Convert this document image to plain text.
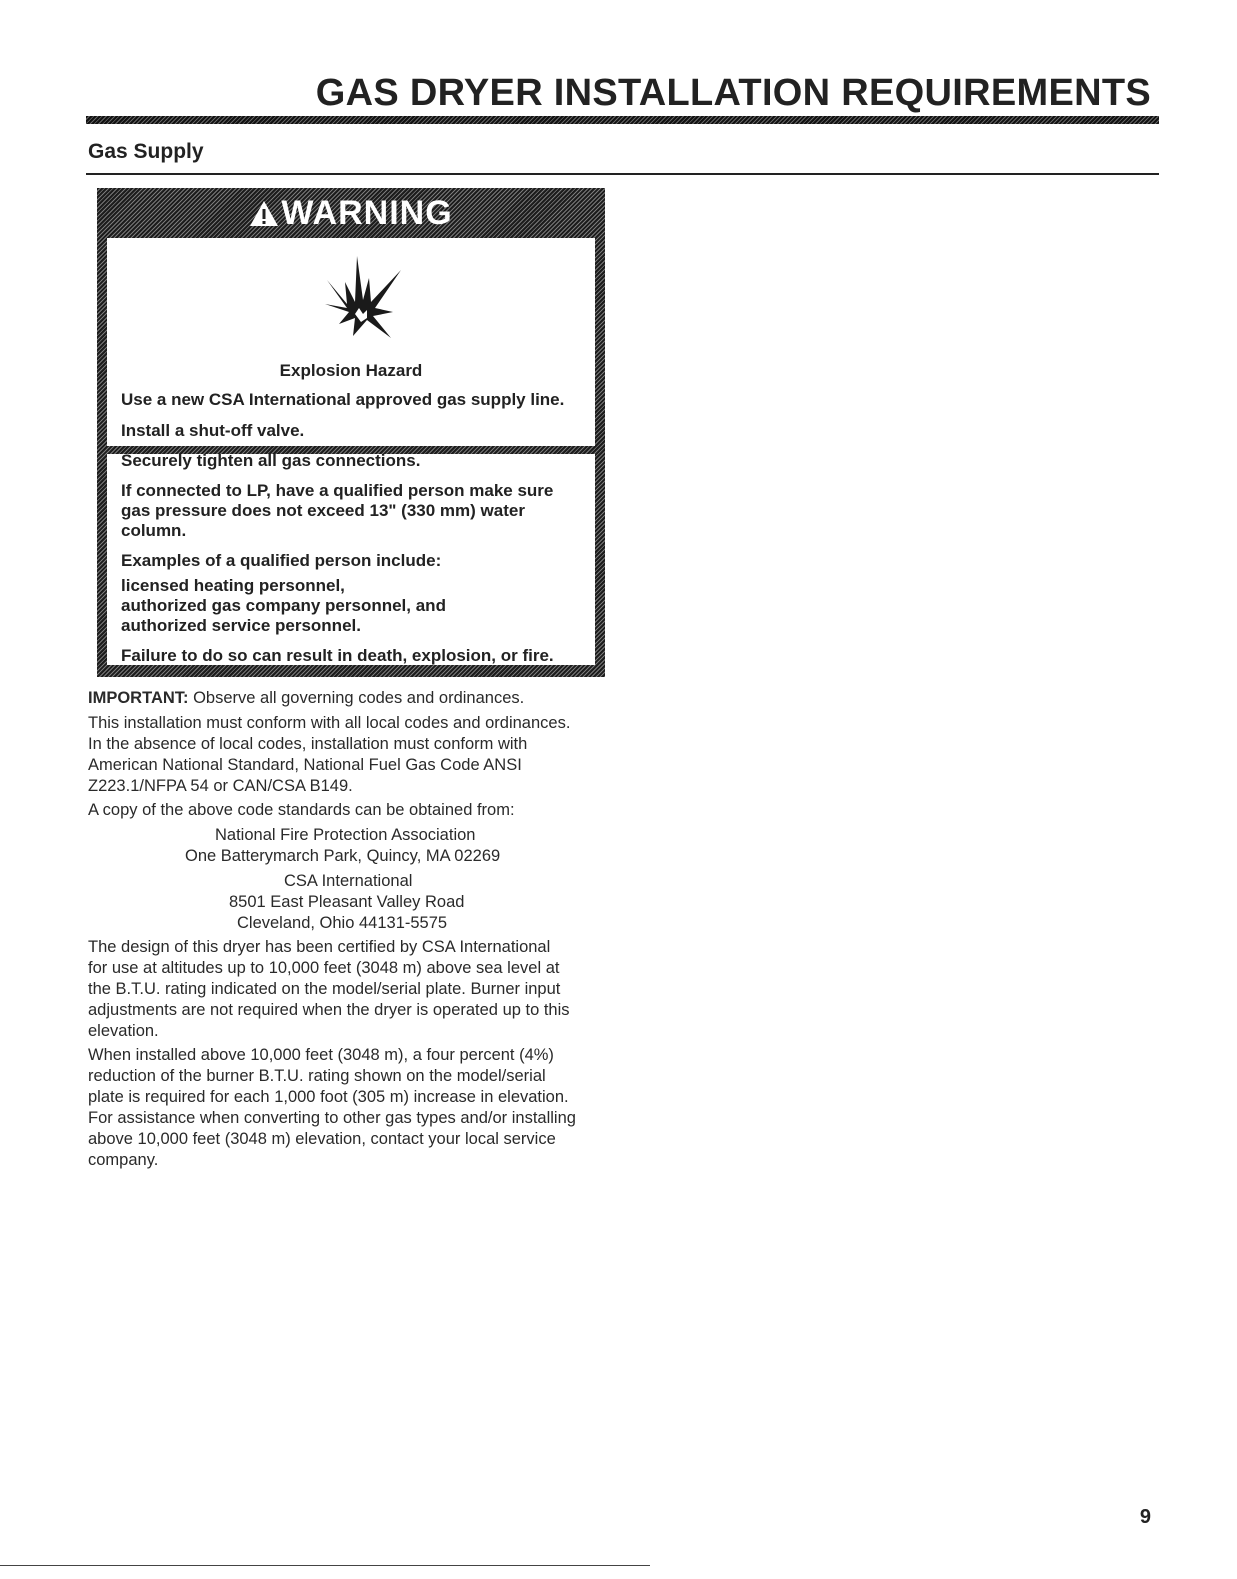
GAS DRYER INSTALLATION REQUIREMENTS
Gas Supply
WARNING

Explosion Hazard

Use a new CSA International approved gas supply line.

Install a shut-off valve.

Securely tighten all gas connections.

If connected to LP, have a qualified person make sure

gas pressure does not exceed 13" (330 mm) water

column.

Examples of a qualified person include:

licensed heating personnel,

authorized gas company personnel, and

authorized service personnel.

Failure to do so can result in death, explosion, or fire.

IMPORTANT: Observe all governing codes and ordinances.

This installation must conform with all local codes and ordinances.

In the absence of local codes, installation must conform with

American National Standard, National Fuel Gas Code ANSI

Z223.1/NFPA 54 or CAN/CSA B149.

A copy of the above code standards can be obtained from:

National Fire Protection Association

One Batterymarch Park, Quincy, MA 02269

CSA International

8501 East Pleasant Valley Road

Cleveland, Ohio 44131-5575

The design of this dryer has been certified by CSA International

for use at altitudes up to 10,000 feet (3048 m) above sea level at

the B.T.U. rating indicated on the model/serial plate. Burner input

adjustments are not required when the dryer is operated up to this

elevation.

When installed above 10,000 feet (3048 m), a four percent (4%)

reduction of the burner B.T.U. rating shown on the model/serial

plate is required for each 1,000 foot (305 m) increase in elevation.

For assistance when converting to other gas types and/or installing

above 10,000 feet (3048 m) elevation, contact your local service

company.

9
